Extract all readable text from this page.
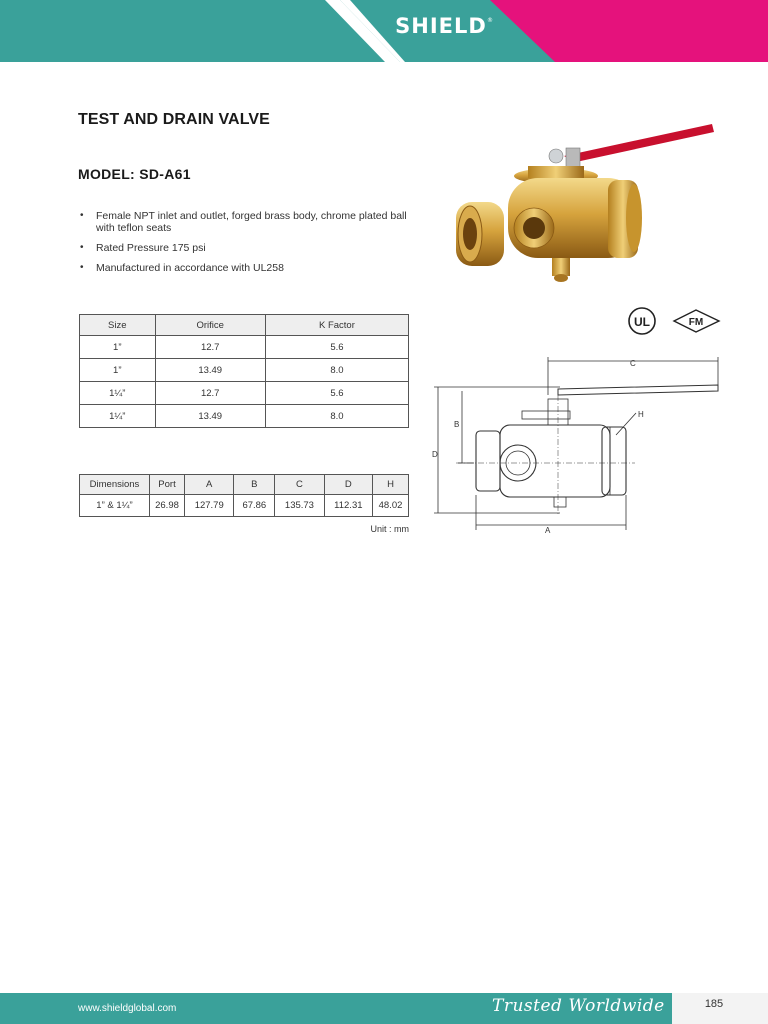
SHIELD ®
TEST AND DRAIN VALVE
MODEL: SD-A61
• Female NPT inlet and outlet, forged brass body, chrome plated ball with teflon seats
• Rated Pressure 175 psi
• Manufactured in accordance with UL258
Size	Orifice	K Factor
1”	12.7	5.6
1”	13.49	8.0
1¼”	12.7	5.6
1¼”	13.49	8.0
Dimensions	Port	A	B	C	D	H
1” & 1¼”	26.98	127.79	67.86	135.73	112.31	48.02
Unit : mm
UL	FM
C
B
D
H
A
www.shieldglobal.com	Trusted Worldwide	185
